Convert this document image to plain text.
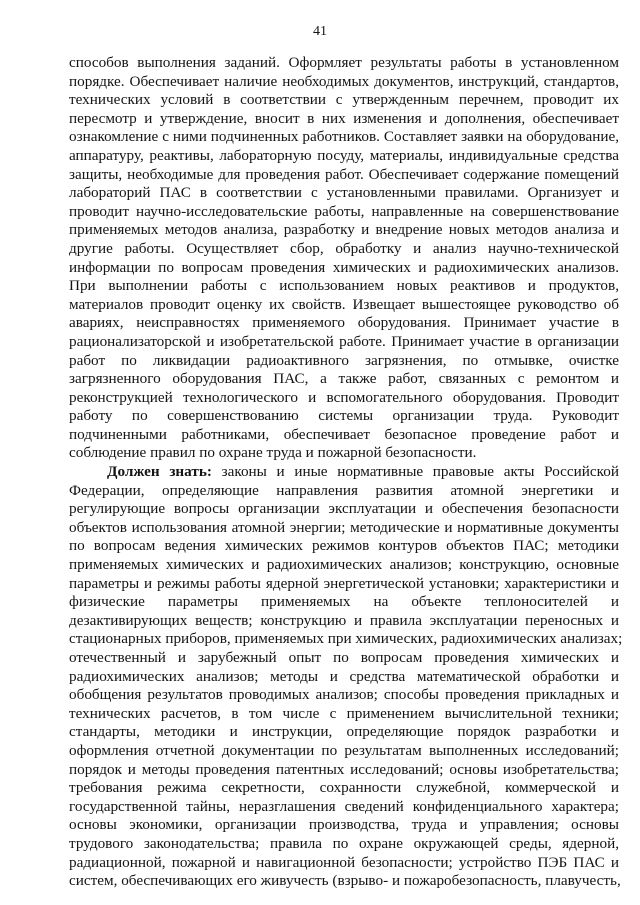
41
способов выполнения заданий. Оформляет результаты работы в установленном
порядке. Обеспечивает наличие необходимых документов, инструкций, стандартов,
технических условий в соответствии с утвержденным перечнем, проводит их
пересмотр и утверждение, вносит в них изменения и дополнения, обеспечивает
ознакомление с ними подчиненных работников. Составляет заявки на оборудование,
аппаратуру, реактивы, лабораторную посуду, материалы, индивидуальные средства
защиты, необходимые для проведения работ. Обеспечивает содержание помещений
лабораторий ПАС в соответствии с установленными правилами. Организует и
проводит научно-исследовательские работы, направленные на совершенствование
применяемых методов анализа, разработку и внедрение новых методов анализа и
другие работы. Осуществляет сбор, обработку и анализ научно-технической
информации по вопросам проведения химических и радиохимических анализов.
При выполнении работы с использованием новых реактивов и продуктов,
материалов проводит оценку их свойств. Извещает вышестоящее руководство об
авариях, неисправностях применяемого оборудования. Принимает участие в
рационализаторской и изобретательской работе. Принимает участие в организации
работ по ликвидации радиоактивного загрязнения, по отмывке, очистке
загрязненного оборудования ПАС, а также работ, связанных с ремонтом и
реконструкцией технологического и вспомогательного оборудования. Проводит
работу по совершенствованию системы организации труда. Руководит
подчиненными работниками, обеспечивает безопасное проведение работ и
соблюдение правил по охране труда и пожарной безопасности.
Должен знать: законы и иные нормативные правовые акты Российской
Федерации, определяющие направления развития атомной энергетики и
регулирующие вопросы организации эксплуатации и обеспечения безопасности
объектов использования атомной энергии; методические и нормативные документы
по вопросам ведения химических режимов контуров объектов ПАС; методики
применяемых химических и радиохимических анализов; конструкцию, основные
параметры и режимы работы ядерной энергетической установки; характеристики и
физические параметры применяемых на объекте теплоносителей и
дезактивирующих веществ; конструкцию и правила эксплуатации переносных и
стационарных приборов, применяемых при химических, радиохимических анализах;
отечественный и зарубежный опыт по вопросам проведения химических и
радиохимических анализов; методы и средства математической обработки и
обобщения результатов проводимых анализов; способы проведения прикладных и
технических расчетов, в том числе с применением вычислительной техники;
стандарты, методики и инструкции, определяющие порядок разработки и
оформления отчетной документации по результатам выполненных исследований;
порядок и методы проведения патентных исследований; основы изобретательства;
требования режима секретности, сохранности служебной, коммерческой и
государственной тайны, неразглашения сведений конфиденциального характера;
основы экономики, организации производства, труда и управления; основы
трудового законодательства; правила по охране окружающей среды, ядерной,
радиационной, пожарной и навигационной безопасности; устройство ПЭБ ПАС и
систем, обеспечивающих его живучесть (взрыво- и пожаробезопасность, плавучесть,
